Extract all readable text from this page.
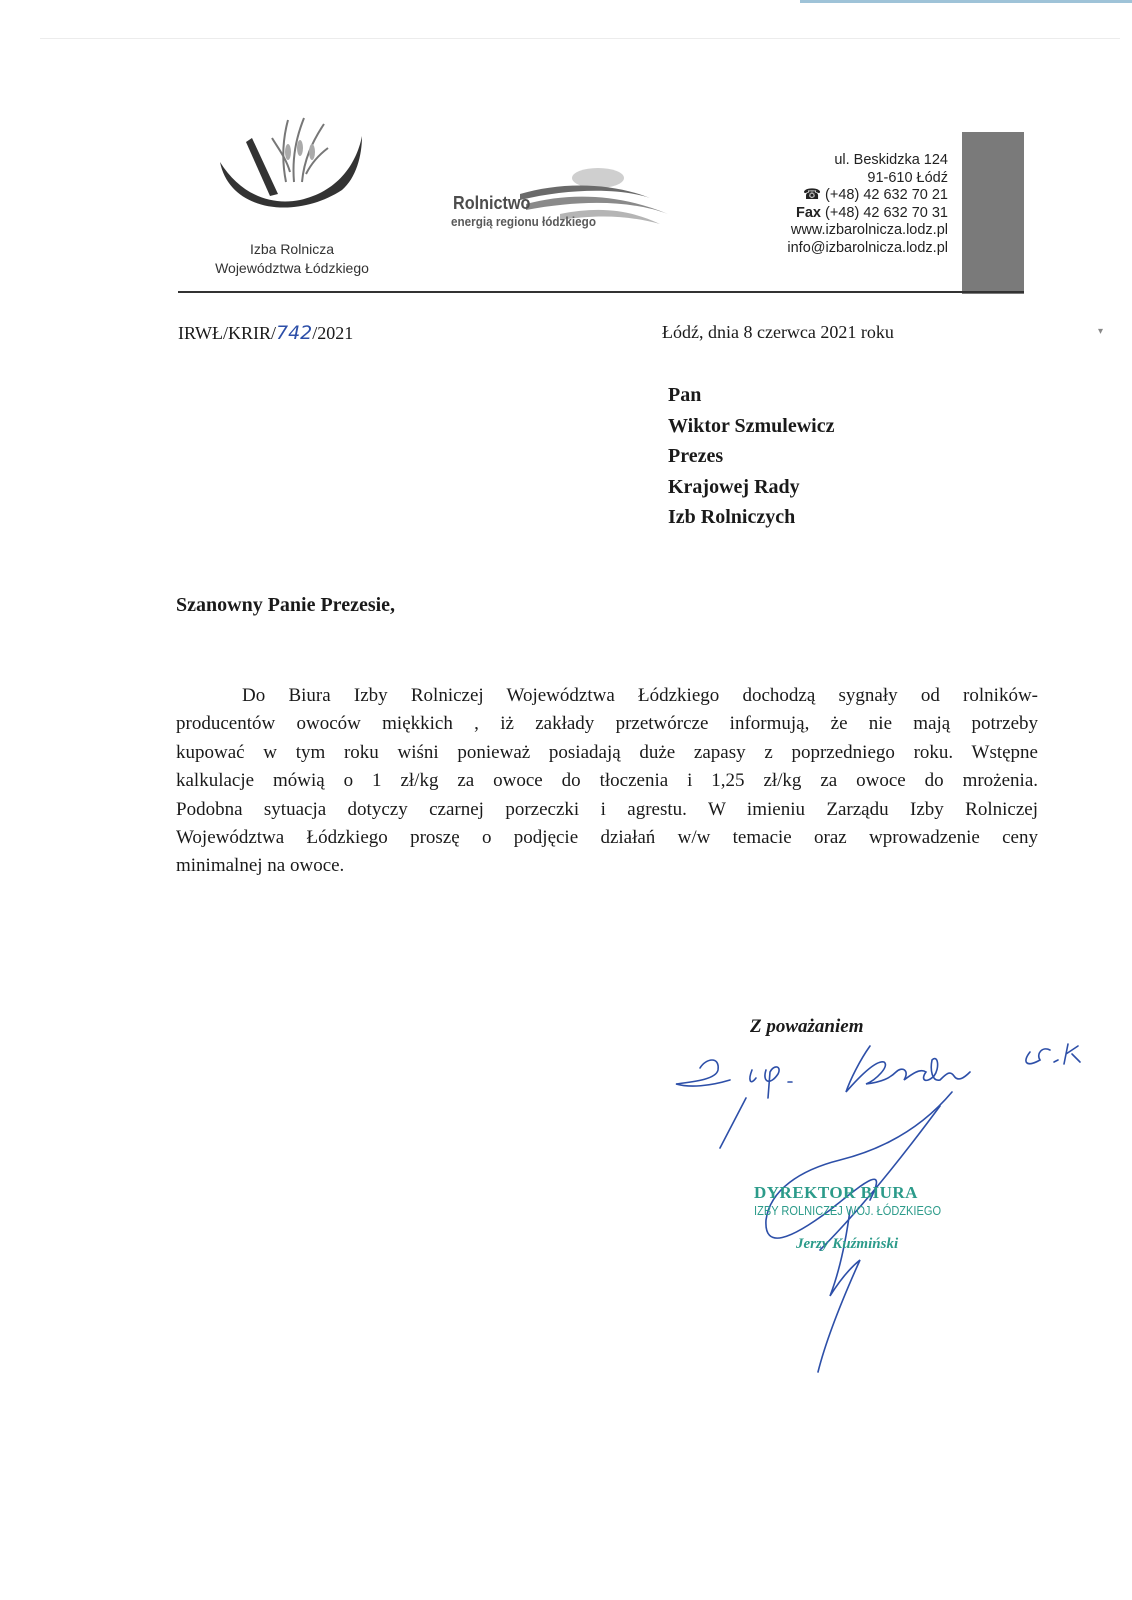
Izba Rolnicza
Województwa Łódzkiego
Rolnictwo
energią regionu łódzkiego
ul. Beskidzka 124
91-610 Łódź
☎ (+48) 42 632 70 21
Fax (+48) 42 632 70 31
www.izbarolnicza.lodz.pl
info@izbarolnicza.lodz.pl
IRWŁ/KRIR/742/2021	Łódź, dnia 8 czerwca 2021 roku	▾
Pan
Wiktor Szmulewicz
Prezes
Krajowej Rady
Izb Rolniczych
Szanowny Panie Prezesie,
Do Biura Izby Rolniczej Województwa Łódzkiego dochodzą sygnały od rolników-
producentów owoców miękkich , iż zakłady przetwórcze informują, że nie mają potrzeby
kupować w tym roku wiśni ponieważ posiadają duże zapasy z poprzedniego roku. Wstępne
kalkulacje mówią o 1 zł/kg za owoce do tłoczenia i 1,25 zł/kg za owoce do mrożenia.
Podobna sytuacja dotyczy czarnej porzeczki i agrestu. W imieniu Zarządu Izby Rolniczej
Województwa Łódzkiego proszę o podjęcie działań w/w temacie oraz wprowadzenie ceny
minimalnej na owoce.
Z poważaniem
DYREKTOR BIURA
IZBY ROLNICZEJ WOJ. ŁÓDZKIEGO
Jerzy Kuźmiński
